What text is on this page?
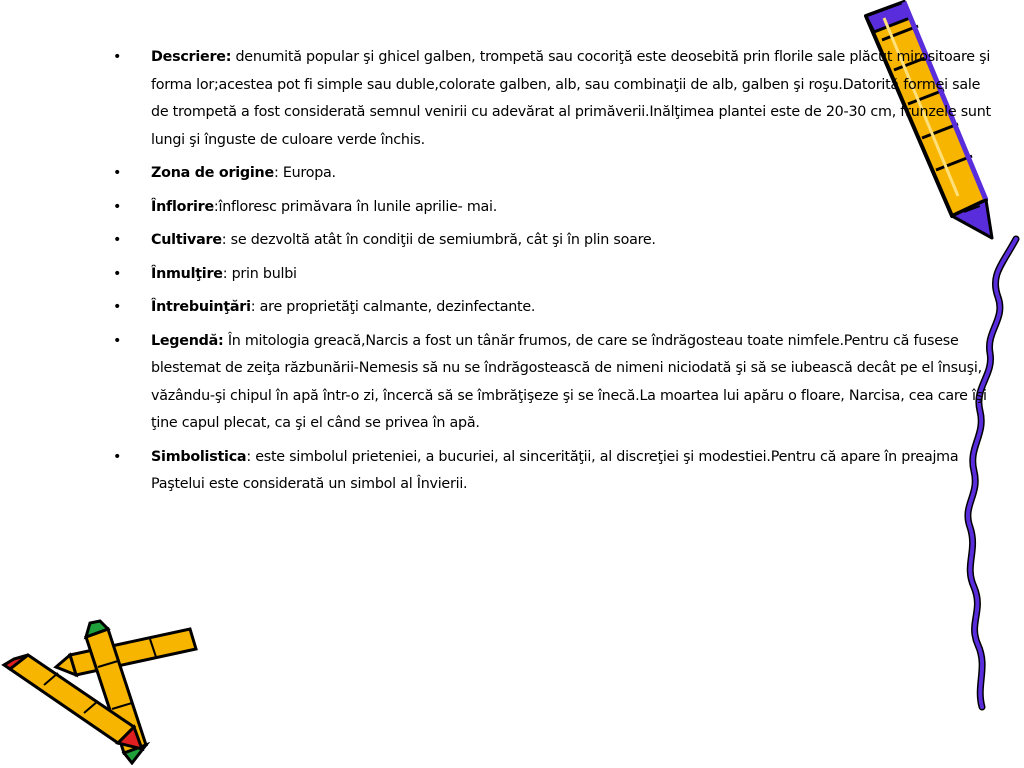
• Descriere: denumită popular şi ghicel galben, trompetă sau cocoriţă este deosebită prin florile sale plăcut mirositoare şi forma lor;acestea pot fi simple sau duble,colorate galben, alb, sau combinaţii de alb, galben şi roşu.Datorită formei sale de trompetă a fost considerată semnul venirii cu adevărat al primăverii.Inălţimea plantei este de 20-30 cm, frunzele sunt lungi şi înguste de culoare verde închis.
• Zona de origine: Europa.
• Înflorire:înfloresc primăvara în lunile aprilie- mai.
• Cultivare: se dezvoltă atât în condiţii de semiumbră, cât şi în plin soare.
• Înmulţire: prin bulbi
• Întrebuinţări: are proprietăţi calmante, dezinfectante.
• Legendă: În mitologia greacă,Narcis a fost un tânăr frumos, de care se îndrăgosteau toate nimfele.Pentru că fusese blestemat de zeiţa răzbunării-Nemesis să nu se îndrăgostească de nimeni niciodată şi să se iubească decât pe el însuşi, văzându-şi chipul în apă într-o zi, încercă să se îmbrăţişeze şi se înecă.La moartea lui apăru o floare, Narcisa, cea care îşi ţine capul plecat, ca şi el când se privea în apă.
• Simbolistica: este simbolul prieteniei, a bucuriei, al sincerităţii, al discreţiei şi modestiei.Pentru că apare în preajma Paştelui este considerată un simbol al Învierii.
